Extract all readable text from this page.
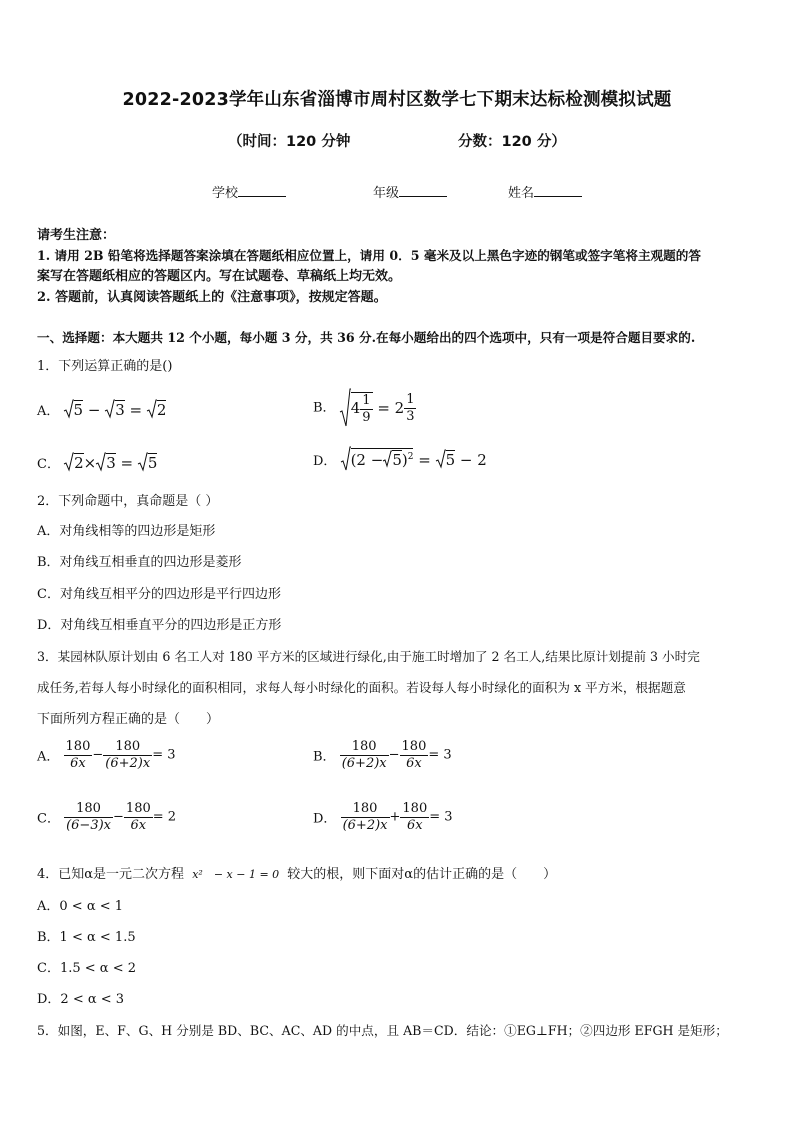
2022-2023学年山东省淄博市周村区数学七下期末达标检测模拟试题
（时间：120 分钟	分数：120 分）
学校	年级	姓名
请考生注意：
1. 请用 2B 铅笔将选择题答案涂填在答题纸相应位置上，请用 0．5 毫米及以上黑色字迹的钢笔或签字笔将主观题的答
案写在答题纸相应的答题区内。写在试题卷、草稿纸上均无效。
2. 答题前，认真阅读答题纸上的《注意事项》，按规定答题。
一、选择题：本大题共 12 个小题，每小题 3 分，共 36 分.在每小题给出的四个选项中，只有一项是符合题目要求的.
1．下列运算正确的是()
A． 5 − 3 = 2	B． $4 \frac{1}{9} = 2 \frac{1}{3}$
C． 2× 3 = 5	D． $(2 - 5)^2 = 5 - 2$
2．下列命题中，真命题是（ ）
A．对角线相等的四边形是矩形
B．对角线互相垂直的四边形是菱形
C．对角线互相平分的四边形是平行四边形
D．对角线互相垂直平分的四边形是正方形
3．某园林队原计划由 6 名工人对 180 平方米的区域进行绿化,由于施工时增加了 2 名工人,结果比原计划提前 3 小时完
成任务,若每人每小时绿化的面积相同，求每人每小时绿化的面积。若设每人每小时绿化的面积为 x 平方米，根据题意
下面所列方程正确的是（　　）
A． $\frac{180}{6x} - \frac{180}{(6+2)x} = 3$	B． $\frac{180}{(6+2)x} - \frac{180}{6x} = 3$
C． $\frac{180}{(6-3)x} - \frac{180}{6x} = 2$	D． $\frac{180}{(6+2)x} + \frac{180}{6x} = 3$
4．已知α是一元二次方程 x²　− x − 1 = 0 较大的根，则下面对α的估计正确的是（　　）
A．0 < α < 1
B．1 < α < 1.5
C．1.5 < α < 2
D．2 < α < 3
5．如图，E、F、G、H 分别是 BD、BC、AC、AD 的中点，且 AB＝CD．结论：①EG⊥FH；②四边形 EFGH 是矩形；
